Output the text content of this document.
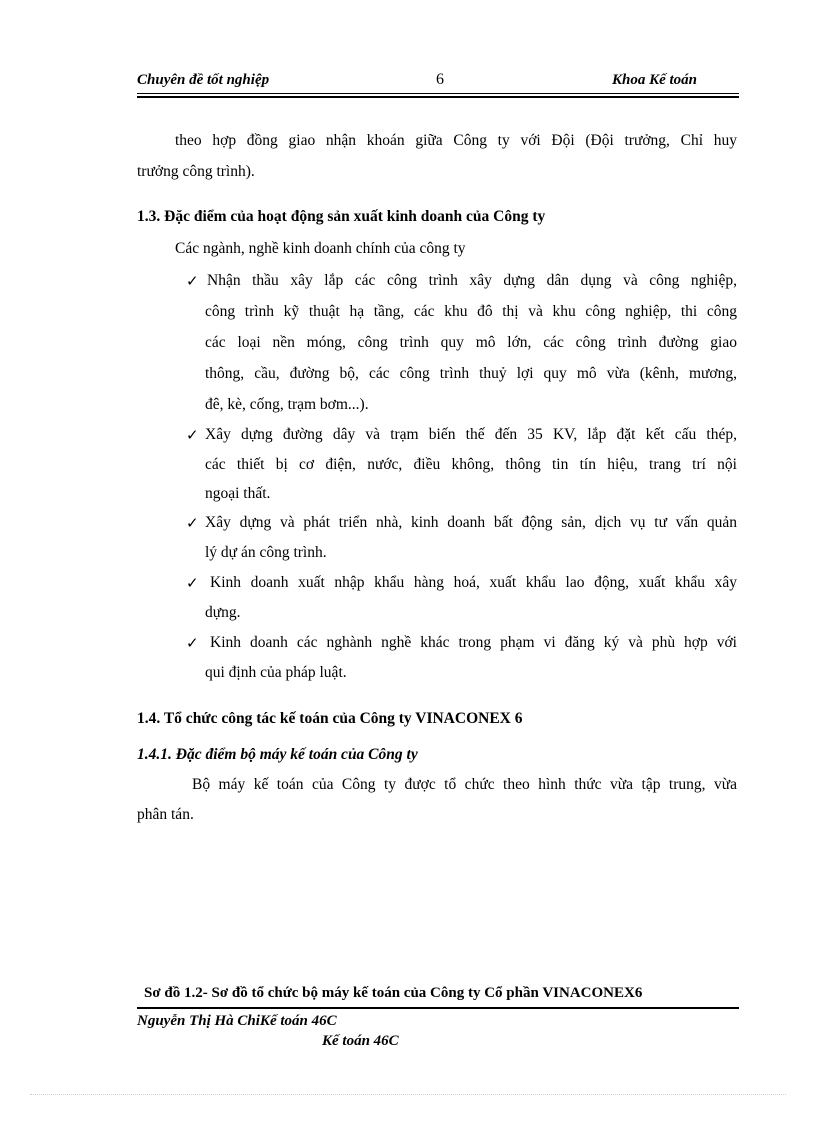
Chuyên đề tốt nghiệp	6	Khoa Kế toán
theo hợp đồng giao nhận khoán giữa Công ty với Đội (Đội trưởng, Chỉ huy
trưởng công trình).
1.3. Đặc điểm của hoạt động sản xuất kinh doanh của Công ty
Các ngành, nghề kinh doanh chính của công ty
✓ Nhận thầu xây lắp các công trình xây dựng dân dụng và công nghiệp,
công trình kỹ thuật hạ tầng, các khu đô thị và khu công nghiệp, thi công
các loại nền móng, công trình quy mô lớn, các công trình đường giao
thông, cầu, đường bộ, các công trình thuỷ lợi quy mô vừa (kênh, mương,
đê, kè, cống, trạm bơm...).
✓ Xây dựng đường dây và trạm biến thế đến 35 KV, lắp đặt kết cấu thép,
các thiết bị cơ điện, nước, điều không, thông tin tín hiệu, trang trí nội
ngoại thất.
✓ Xây dựng và phát triển nhà, kinh doanh bất động sản, dịch vụ tư vấn quản
lý dự án công trình.
✓ Kinh doanh xuất nhập khẩu hàng hoá, xuất khẩu lao động, xuất khẩu xây
dựng.
✓ Kinh doanh các nghành nghề khác trong phạm vi đăng ký và phù hợp với
qui định của pháp luật.
1.4. Tổ chức công tác kế toán của Công ty VINACONEX 6
1.4.1. Đặc điểm bộ máy kế toán của Công ty
Bộ máy kế toán của Công ty được tổ chức theo hình thức vừa tập trung, vừa
phân tán.
Sơ đồ 1.2- Sơ đồ tổ chức bộ máy kế toán của Công ty Cổ phần VINACONEX6
Nguyễn Thị Hà ChiKế toán 46C
Kế toán 46C
